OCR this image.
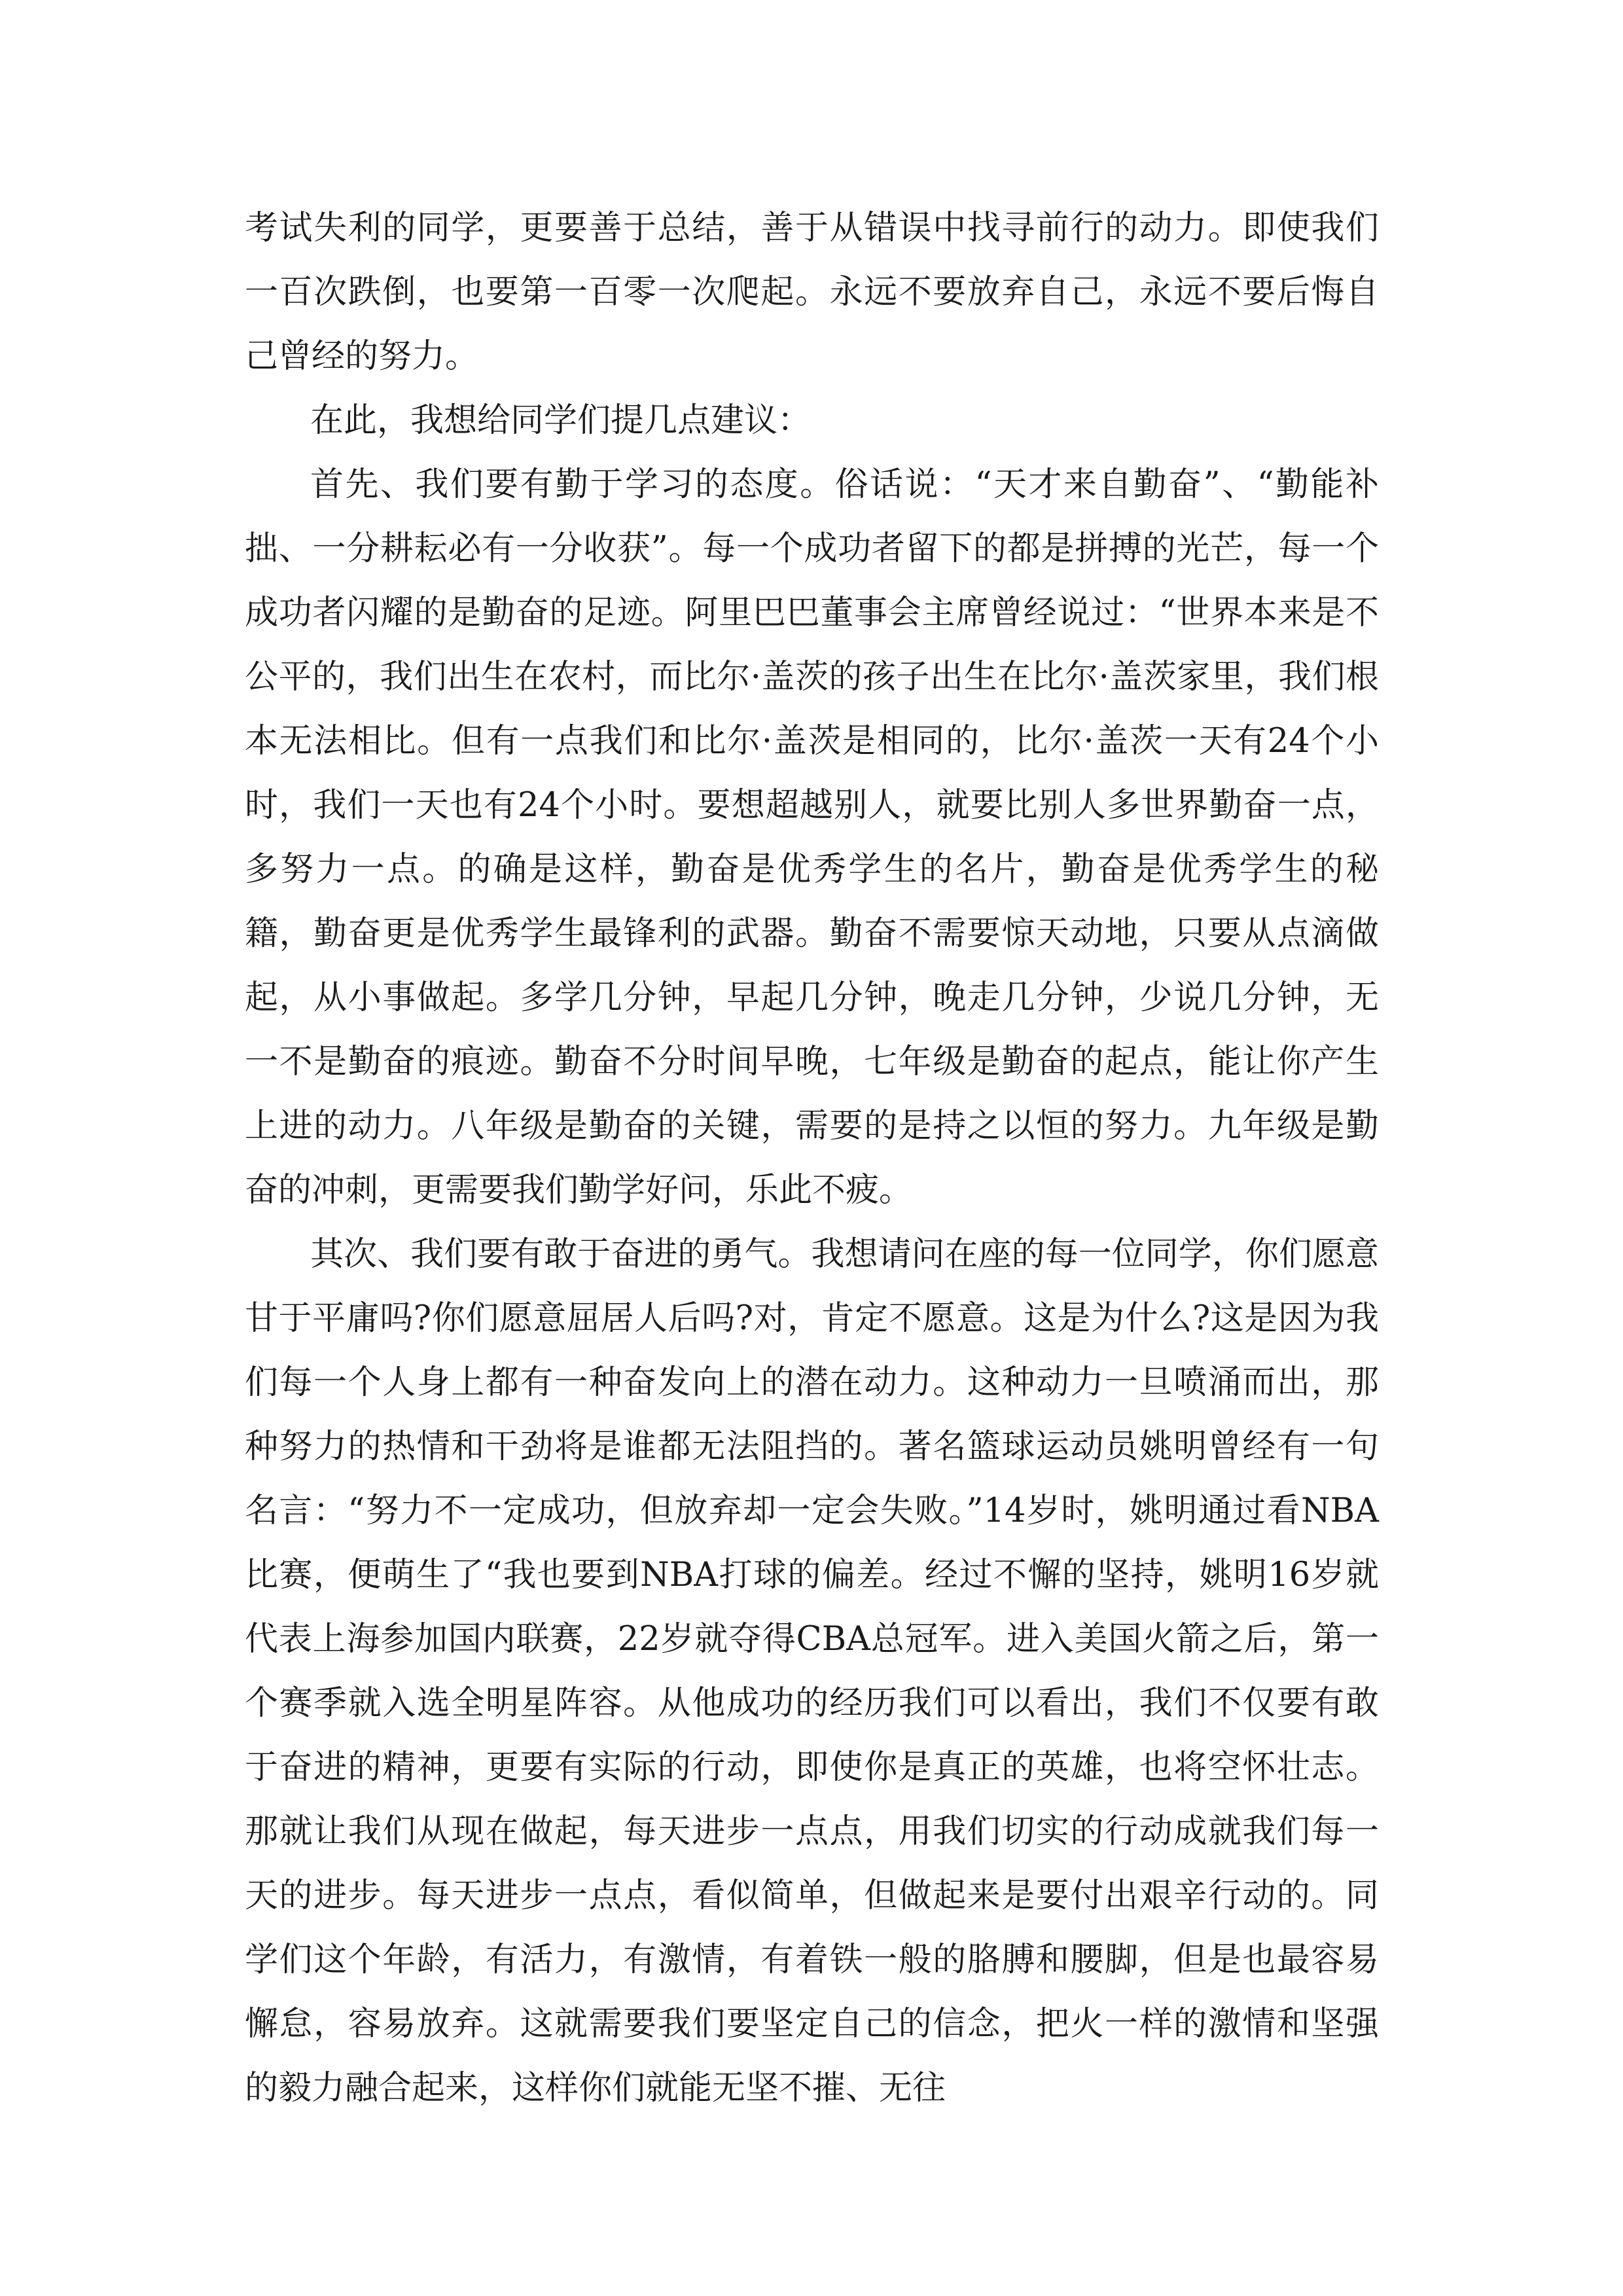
考试失利的同学，更要善于总结，善于从错误中找寻前行的动力。即使我们一百次跌倒，也要第一百零一次爬起。永远不要放弃自己，永远不要后悔自己曾经的努力。

在此，我想给同学们提几点建议：

首先、我们要有勤于学习的态度。俗话说：“天才来自勤奋”、“勤能补拙、一分耕耘必有一分收获”。每一个成功者留下的都是拼搏的光芒，每一个成功者闪耀的是勤奋的足迹。阿里巴巴董事会主席曾经说过：“世界本来是不公平的，我们出生在农村，而比尔·盖茨的孩子出生在比尔·盖茨家里，我们根本无法相比。但有一点我们和比尔·盖茨是相同的，比尔·盖茨一天有24个小时，我们一天也有24个小时。要想超越别人，就要比别人多世界勤奋一点，多努力一点。的确是这样，勤奋是优秀学生的名片，勤奋是优秀学生的秘籍，勤奋更是优秀学生最锋利的武器。勤奋不需要惊天动地，只要从点滴做起，从小事做起。多学几分钟，早起几分钟，晚走几分钟，少说几分钟，无一不是勤奋的痕迹。勤奋不分时间早晚，七年级是勤奋的起点，能让你产生上进的动力。八年级是勤奋的关键，需要的是持之以恒的努力。九年级是勤奋的冲刺，更需要我们勤学好问，乐此不疲。

其次、我们要有敢于奋进的勇气。我想请问在座的每一位同学，你们愿意甘于平庸吗?你们愿意屈居人后吗?对，肯定不愿意。这是为什么?这是因为我们每一个人身上都有一种奋发向上的潜在动力。这种动力一旦喷涌而出，那种努力的热情和干劲将是谁都无法阻挡的。著名篮球运动员姚明曾经有一句名言：“努力不一定成功，但放弃却一定会失败。”14岁时，姚明通过看NBA比赛，便萌生了“我也要到NBA打球的偏差。经过不懈的坚持，姚明16岁就代表上海参加国内联赛，22岁就夺得CBA总冠军。进入美国火箭之后，第一个赛季就入选全明星阵容。从他成功的经历我们可以看出，我们不仅要有敢于奋进的精神，更要有实际的行动，即使你是真正的英雄，也将空怀壮志。那就让我们从现在做起，每天进步一点点，用我们切实的行动成就我们每一天的进步。每天进步一点点，看似简单，但做起来是要付出艰辛行动的。同学们这个年龄，有活力，有激情，有着铁一般的胳膊和腰脚，但是也最容易懈怠，容易放弃。这就需要我们要坚定自己的信念，把火一样的激情和坚强的毅力融合起来，这样你们就能无坚不摧、无往
